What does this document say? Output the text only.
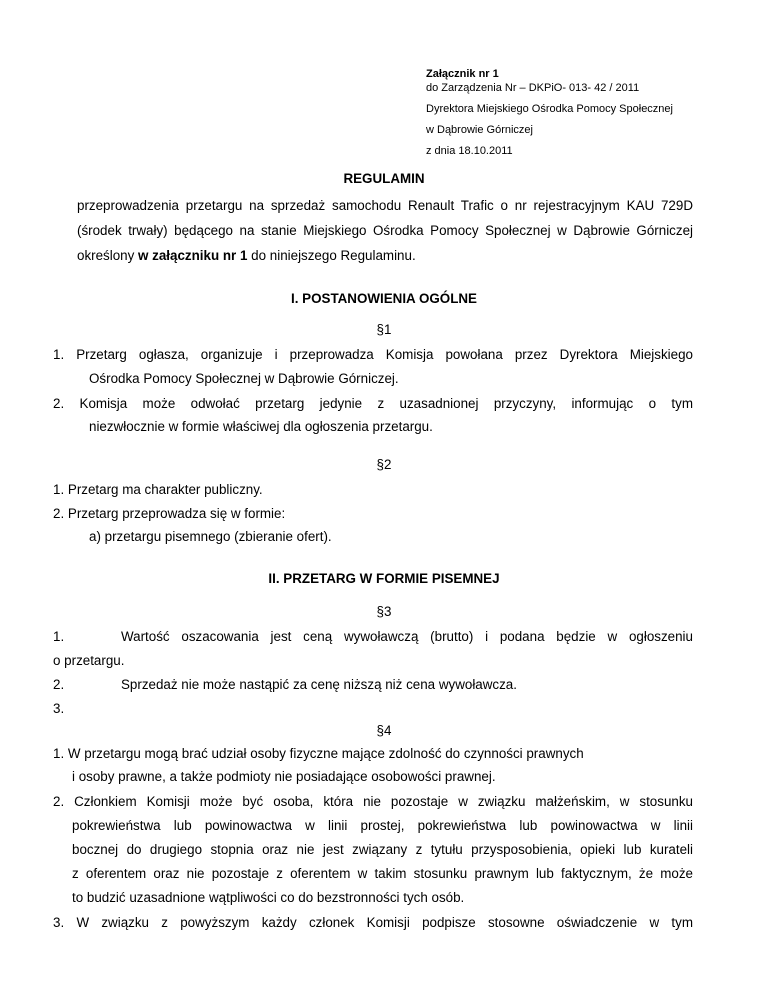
Załącznik nr 1
do Zarządzenia Nr – DKPiO- 013- 42 / 2011
Dyrektora Miejskiego Ośrodka Pomocy Społecznej
w Dąbrowie Górniczej
z dnia 18.10.2011
REGULAMIN
przeprowadzenia przetargu na sprzedaż samochodu Renault Trafic o nr rejestracyjnym KAU 729D
(środek trwały) będącego na stanie Miejskiego Ośrodka Pomocy Społecznej w Dąbrowie Górniczej
określony w załączniku nr 1 do niniejszego Regulaminu.
I. POSTANOWIENIA OGÓLNE
§1
1. Przetarg ogłasza, organizuje i przeprowadza Komisja powołana przez Dyrektora Miejskiego
Ośrodka Pomocy Społecznej w Dąbrowie Górniczej.
2. Komisja może odwołać przetarg jedynie z uzasadnionej przyczyny, informując o tym
niezwłocznie w formie właściwej dla ogłoszenia przetargu.
§2
1. Przetarg ma charakter publiczny.
2. Przetarg przeprowadza się w formie:
a) przetargu pisemnego (zbieranie ofert).
II. PRZETARG W FORMIE PISEMNEJ
§3
1.	Wartość oszacowania jest ceną wywoławczą (brutto) i podana będzie w ogłoszeniu
o przetargu.
2.	Sprzedaż nie może nastąpić za cenę niższą niż cena wywoławcza.
3.
§4
1. W przetargu mogą brać udział osoby fizyczne mające zdolność do czynności prawnych
i osoby prawne, a także podmioty nie posiadające osobowości prawnej.
2. Członkiem Komisji może być osoba, która nie pozostaje w związku małżeńskim, w stosunku
pokrewieństwa lub powinowactwa w linii prostej, pokrewieństwa lub powinowactwa w linii
bocznej do drugiego stopnia oraz nie jest związany z tytułu przysposobienia, opieki lub kurateli
z oferentem oraz nie pozostaje z oferentem w takim stosunku prawnym lub faktycznym, że może
to budzić uzasadnione wątpliwości co do bezstronności tych osób.
3. W związku z powyższym każdy członek Komisji podpisze stosowne oświadczenie w tym
